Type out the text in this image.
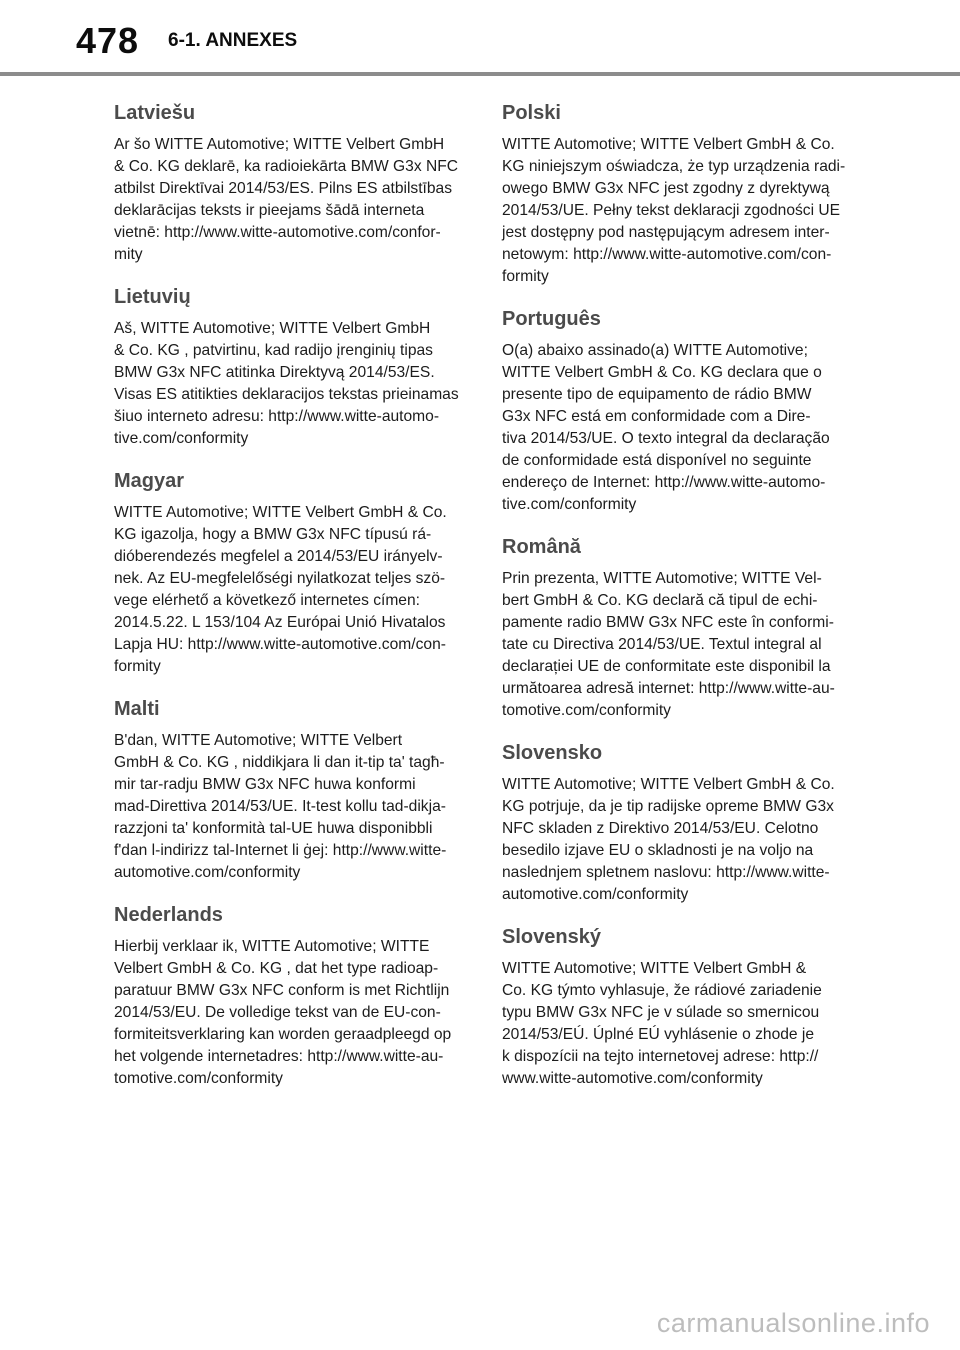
478 6-1. ANNEXES
Latviešu

Ar šo WITTE Automotive; WITTE Velbert GmbH
& Co. KG deklarē, ka radioiekārta BMW G3x NFC
atbilst Direktīvai 2014/53/ES. Pilns ES atbilstības
deklarācijas teksts ir pieejams šādā interneta
vietnē: http://www.witte-automotive.com/confor-
mity

Lietuvių

Aš, WITTE Automotive; WITTE Velbert GmbH
& Co. KG , patvirtinu, kad radijo įrenginių tipas
BMW G3x NFC atitinka Direktyvą 2014/53/ES.
Visas ES atitikties deklaracijos tekstas prieinamas
šiuo interneto adresu: http://www.witte-automo-
tive.com/conformity

Magyar

WITTE Automotive; WITTE Velbert GmbH & Co.
KG igazolja, hogy a BMW G3x NFC típusú rá-
dióberendezés megfelel a 2014/53/EU irányelv-
nek. Az EU-megfelelőségi nyilatkozat teljes szö-
vege elérhető a következő internetes címen:
2014.5.22. L 153/104 Az Európai Unió Hivatalos
Lapja HU: http://www.witte-automotive.com/con-
formity

Malti

B'dan, WITTE Automotive; WITTE Velbert
GmbH & Co. KG , niddikjara li dan it-tip ta' tagħ-
mir tar-radju BMW G3x NFC huwa konformi
mad-Direttiva 2014/53/UE. It-test kollu tad-dikja-
razzjoni ta' konformità tal-UE huwa disponibbli
f'dan l-indirizz tal-Internet li ġej: http://www.witte-
automotive.com/conformity

Nederlands

Hierbij verklaar ik, WITTE Automotive; WITTE
Velbert GmbH & Co. KG , dat het type radioap-
paratuur BMW G3x NFC conform is met Richtlijn
2014/53/EU. De volledige tekst van de EU-con-
formiteitsverklaring kan worden geraadpleegd op
het volgende internetadres: http://www.witte-au-
tomotive.com/conformity

Polski

WITTE Automotive; WITTE Velbert GmbH & Co.
KG niniejszym oświadcza, że typ urządzenia radi-
owego BMW G3x NFC jest zgodny z dyrektywą
2014/53/UE. Pełny tekst deklaracji zgodności UE
jest dostępny pod następującym adresem inter-
netowym: http://www.witte-automotive.com/con-
formity

Português

O(a) abaixo assinado(a) WITTE Automotive;
WITTE Velbert GmbH & Co. KG declara que o
presente tipo de equipamento de rádio BMW
G3x NFC está em conformidade com a Dire-
tiva 2014/53/UE. O texto integral da declaração
de conformidade está disponível no seguinte
endereço de Internet: http://www.witte-automo-
tive.com/conformity

Română

Prin prezenta, WITTE Automotive; WITTE Vel-
bert GmbH & Co. KG declară că tipul de echi-
pamente radio BMW G3x NFC este în conformi-
tate cu Directiva 2014/53/UE. Textul integral al
declarației UE de conformitate este disponibil la
următoarea adresă internet: http://www.witte-au-
tomotive.com/conformity

Slovensko

WITTE Automotive; WITTE Velbert GmbH & Co.
KG potrjuje, da je tip radijske opreme BMW G3x
NFC skladen z Direktivo 2014/53/EU. Celotno
besedilo izjave EU o skladnosti je na voljo na
naslednjem spletnem naslovu: http://www.witte-
automotive.com/conformity

Slovenský

WITTE Automotive; WITTE Velbert GmbH &
Co. KG týmto vyhlasuje, že rádiové zariadenie
typu BMW G3x NFC je v súlade so smernicou
2014/53/EÚ. Úplné EÚ vyhlásenie o zhode je
k dispozícii na tejto internetovej adrese: http://
www.witte-automotive.com/conformity

carmanualsonline.info
